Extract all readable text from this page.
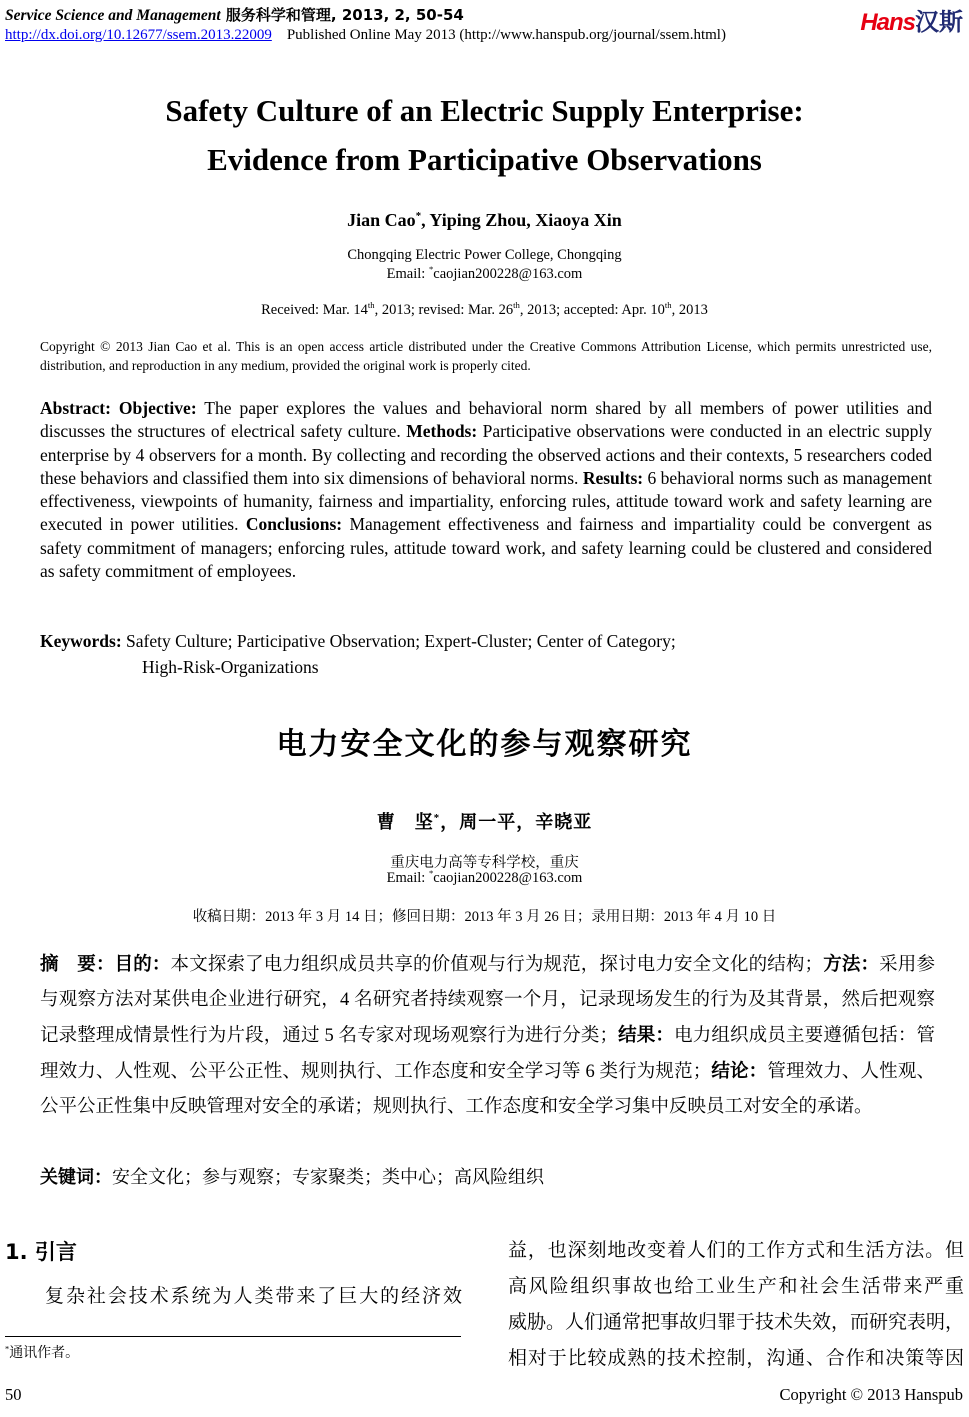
Service Science and Management 服务科学和管理, 2013, 2, 50-54	Hans汉斯
http://dx.doi.org/10.12677/ssem.2013.22009 Published Online May 2013 (http://www.hanspub.org/journal/ssem.html)
Safety Culture of an Electric Supply Enterprise:
Evidence from Participative Observations
Jian Cao*, Yiping Zhou, Xiaoya Xin
Chongqing Electric Power College, Chongqing
Email: *caojian200228@163.com
Received: Mar. 14th, 2013; revised: Mar. 26th, 2013; accepted: Apr. 10th, 2013
Copyright © 2013 Jian Cao et al. This is an open access article distributed under the Creative Commons Attribution License, which permits unrestricted use, distribution, and reproduction in any medium, provided the original work is properly cited.
Abstract: Objective: The paper explores the values and behavioral norm shared by all members of power utilities and discusses the structures of electrical safety culture. Methods: Participative observations were conducted in an electric supply enterprise by 4 observers for a month. By collecting and recording the observed actions and their contexts, 5 researchers coded these behaviors and classified them into six dimensions of behavioral norms. Results: 6 behavioral norms such as management effectiveness, viewpoints of humanity, fairness and impartiality, enforcing rules, attitude toward work and safety learning are executed in power utilities. Conclusions: Management effectiveness and fairness and impartiality could be convergent as safety commitment of managers; enforcing rules, attitude toward work, and safety learning could be clustered and considered as safety commitment of employees.
Keywords: Safety Culture; Participative Observation; Expert-Cluster; Center of Category;
High-Risk-Organizations
电力安全文化的参与观察研究
曹　坚*，周一平，辛晓亚
重庆电力高等专科学校，重庆
Email: *caojian200228@163.com
收稿日期：2013 年 3 月 14 日；修回日期：2013 年 3 月 26 日；录用日期：2013 年 4 月 10 日
摘　要：目的：本文探索了电力组织成员共享的价值观与行为规范，探讨电力安全文化的结构；方法：采用参与观察方法对某供电企业进行研究，4 名研究者持续观察一个月，记录现场发生的行为及其背景，然后把观察记录整理成情景性行为片段，通过 5 名专家对现场观察行为进行分类；结果：电力组织成员主要遵循包括：管理效力、人性观、公平公正性、规则执行、工作态度和安全学习等 6 类行为规范；结论：管理效力、人性观、公平公正性集中反映管理对安全的承诺；规则执行、工作态度和安全学习集中反映员工对安全的承诺。
关键词：安全文化；参与观察；专家聚类；类中心；高风险组织
1. 引言
复杂社会技术系统为人类带来了巨大的经济效
*通讯作者。
益，也深刻地改变着人们的工作方式和生活方法。但
高风险组织事故也给工业生产和社会生活带来严重
威胁。人们通常把事故归罪于技术失效，而研究表明，
相对于比较成熟的技术控制，沟通、合作和决策等因
50	Copyright © 2013 Hanspub
